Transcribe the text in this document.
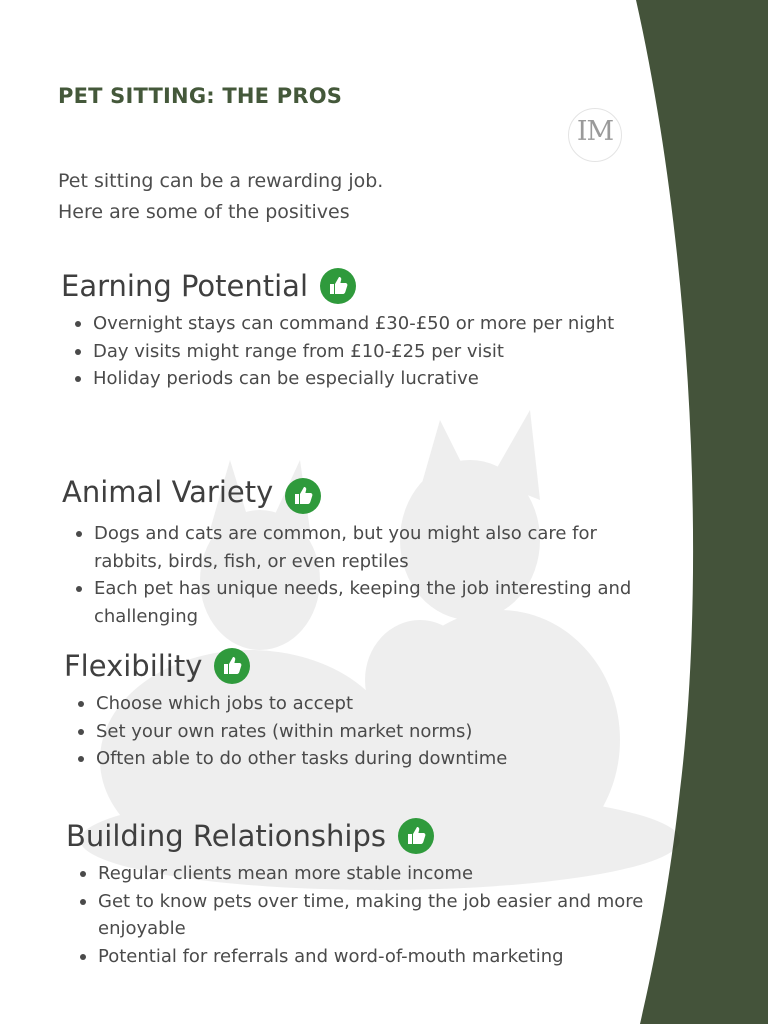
PET SITTING: THE PROS
IM
Pet sitting can be a rewarding job.
Here are some of the positives
Earning Potential
Overnight stays can command £30-£50 or more per night
Day visits might range from £10-£25 per visit
Holiday periods can be especially lucrative
Animal Variety
Dogs and cats are common, but you might also care for rabbits, birds, fish, or even reptiles
Each pet has unique needs, keeping the job interesting and challenging
Flexibility
Choose which jobs to accept
Set your own rates (within market norms)
Often able to do other tasks during downtime
Building Relationships
Regular clients mean more stable income
Get to know pets over time, making the job easier and more enjoyable
Potential for referrals and word-of-mouth marketing
